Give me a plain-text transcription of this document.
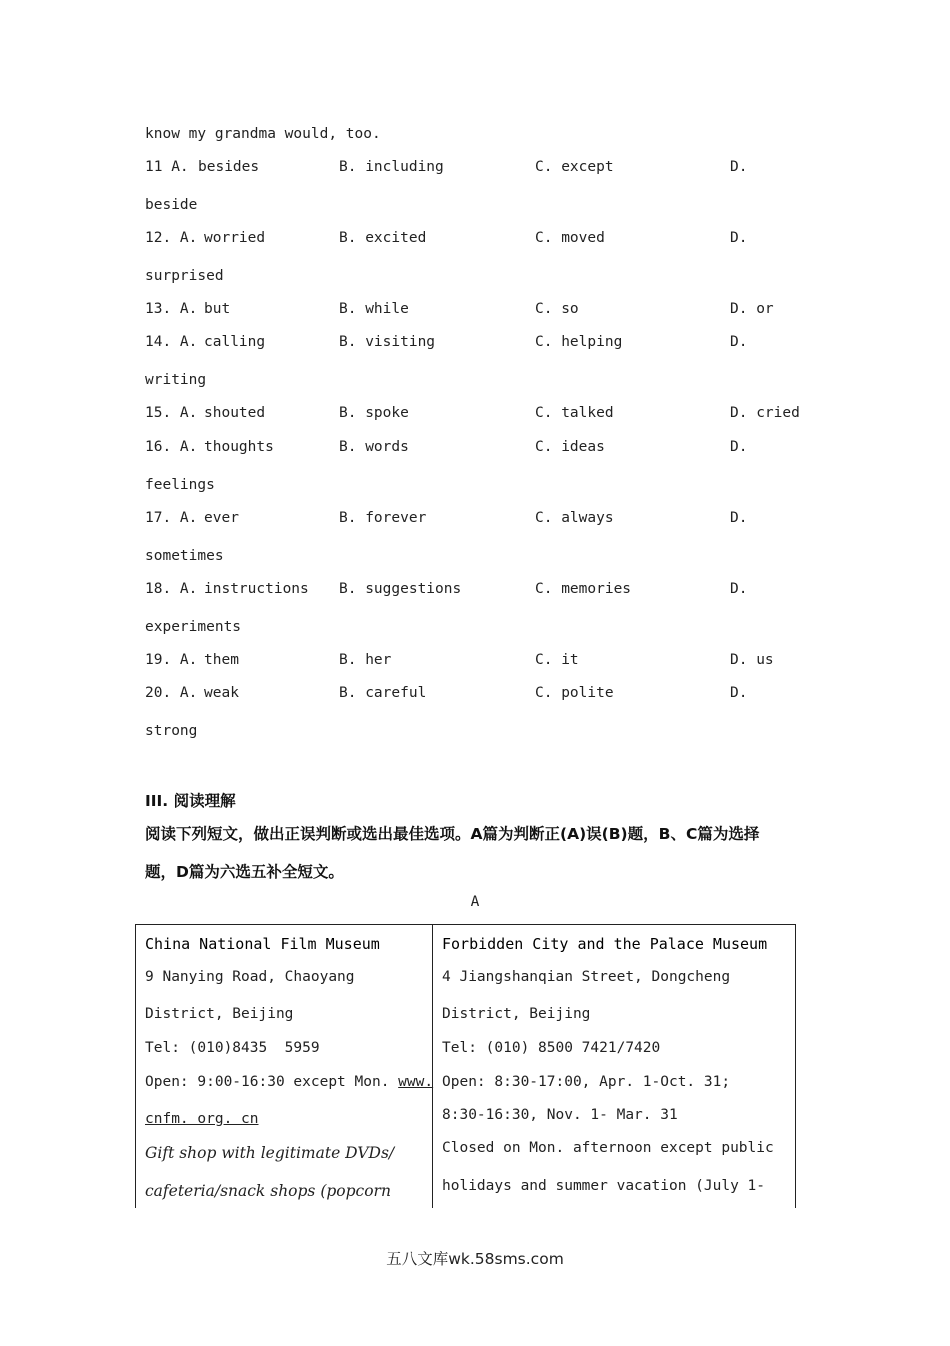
know my grandma would, too.
11 A. besides	B. including	C. except	D.
beside
12. A. worried	B. excited	C. moved	D.
surprised
13. A. but	B. while	C. so	D. or
14. A. calling	B. visiting	C. helping	D.
writing
15. A. shouted	B. spoke	C. talked	D. cried
16. A. thoughts	B. words	C. ideas	D.
feelings
17. A. ever	B. forever	C. always	D.
sometimes
18. A. instructions B. suggestions	C. memories	D.
experiments
19. A. them	B. her	C. it	D. us
20. A. weak	B. careful	C. polite	D.
strong
III. 阅读理解
阅读下列短文，做出正误判断或选出最佳选项。A篇为判断正(A)误(B)题，B、C篇为选择
题，D篇为六选五补全短文。
A
China National Film Museum
9 Nanying Road, Chaoyang
District, Beijing
Tel: (010)8435  5959
Open: 9:00-16:30 except Mon. www.
cnfm. org. cn
Gift shop with legitimate DVDs/
cafeteria/snack shops (popcorn
Forbidden City and the Palace Museum
4 Jiangshanqian Street, Dongcheng
District, Beijing
Tel: (010) 8500 7421/7420
Open: 8:30-17:00, Apr. 1-Oct. 31;
8:30-16:30, Nov. 1- Mar. 31
Closed on Mon. afternoon except public
holidays and summer vacation (July 1-
五八文库wk.58sms.com
